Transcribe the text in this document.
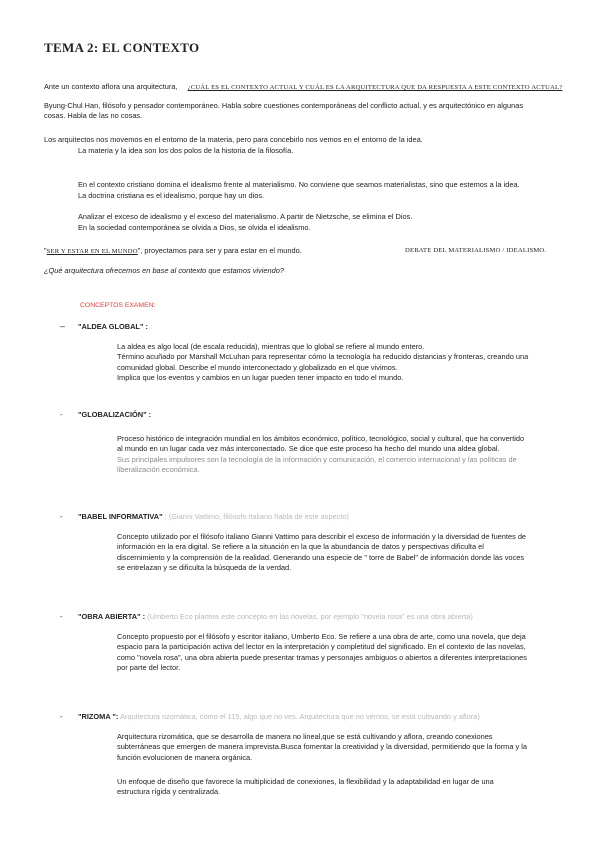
TEMA 2: EL CONTEXTO
Ante un contexto aflora una arquitectura, ¿CUÁL ES EL CONTEXTO ACTUAL Y CUÁL ES LA ARQUITECTURA QUE DA RESPUESTA A ESTE CONTEXTO ACTUAL?

Byung-Chul Han, filósofo y pensador contemporáneo. Habla sobre cuestiones contemporáneas del conflicto actual, y es arquitectónico en algunas

cosas. Habla de las no cosas.

Los arquitectos nos movemos en el entorno de la materia, pero para concebirlo nos vemos en el entorno de la idea.

La materia y la idea son los dos polos de la historia de la filosofía.

En el contexto cristiano domina el idealismo frente al materialismo. No conviene que seamos materialistas, sino que estemos a la idea.

La doctrina cristiana es el idealismo, porque hay un dios.

Analizar el exceso de idealismo y el exceso del materialismo. A partir de Nietzsche, se elimina el Dios.

En la sociedad contemporánea se olvida a Dios, se olvida el idealismo.

"SER Y ESTAR EN EL MUNDO", proyectamos para ser y para estar en el mundo.	DEBATE DEL MATERIALISMO / IDEALISMO.

¿Qué arquitectura ofrecemos en base al contexto que estamos viviendo?

CONCEPTOS EXAMEN:
– "ALDEA GLOBAL" :

La aldea es algo local (de escala reducida), mientras que lo global se refiere al mundo entero.

Término acuñado por Marshall McLuhan para representar cómo la tecnología ha reducido distancias y fronteras, creando una

comunidad global. Describe el mundo interconectado y globalizado en el que vivimos.

Implica que los eventos y cambios en un lugar pueden tener impacto en todo el mundo.

- "GLOBALIZACIÓN" :

Proceso histórico de integración mundial en los ámbitos económico, político, tecnológico, social y cultural, que ha convertido

al mundo en un lugar cada vez más interconectado. Se dice que este proceso ha hecho del mundo una aldea global.

Sus principales impulsores son la tecnología de la información y comunicación, el comercio internacional y las políticas de

liberalización económica.

- "BABEL INFORMATIVA" : (Gianni Vattimo, filósofo italiano habla de este aspecto)

Concepto utilizado por el filósofo italiano Gianni Vattimo para describir el exceso de información y la diversidad de fuentes de

información en la era digital. Se refiere a la situación en la que la abundancia de datos y perspectivas dificulta el

discernimiento y la comprensión de la realidad. Generando una especie de " torre de Babel" de información donde las voces

se entrelazan y se dificulta la búsqueda de la verdad.

- "OBRA ABIERTA" : (Umberto Eco plantea este concepto en las novelas, por ejemplo "novela rosa" es una obra abierta)

Concepto propuesto por el filósofo y escritor italiano, Umberto Eco. Se refiere a una obra de arte, como una novela, que deja

espacio para la participación activa del lector en la interpretación y completitud del significado. En el contexto de las novelas,

como "novela rosa", una obra abierta puede presentar tramas y personajes ambiguos o abiertos a diferentes interpretaciones

por parte del lector.

- "RIZOMA ": Arquitectura rizomática, como el 115, algo que no ves. Arquitectura que no vemos, se está cultivando y aflora)

Arquitectura rizomática, que se desarrolla de manera no lineal,que se está cultivando y aflora, creando conexiones

subterráneas que emergen de manera imprevista.Busca fomentar la creatividad y la diversidad, permitiendo que la forma y la

función evolucionen de manera orgánica.

Un enfoque de diseño que favorece la multiplicidad de conexiones, la flexibilidad y la adaptabilidad en lugar de una

estructura rígida y centralizada.
